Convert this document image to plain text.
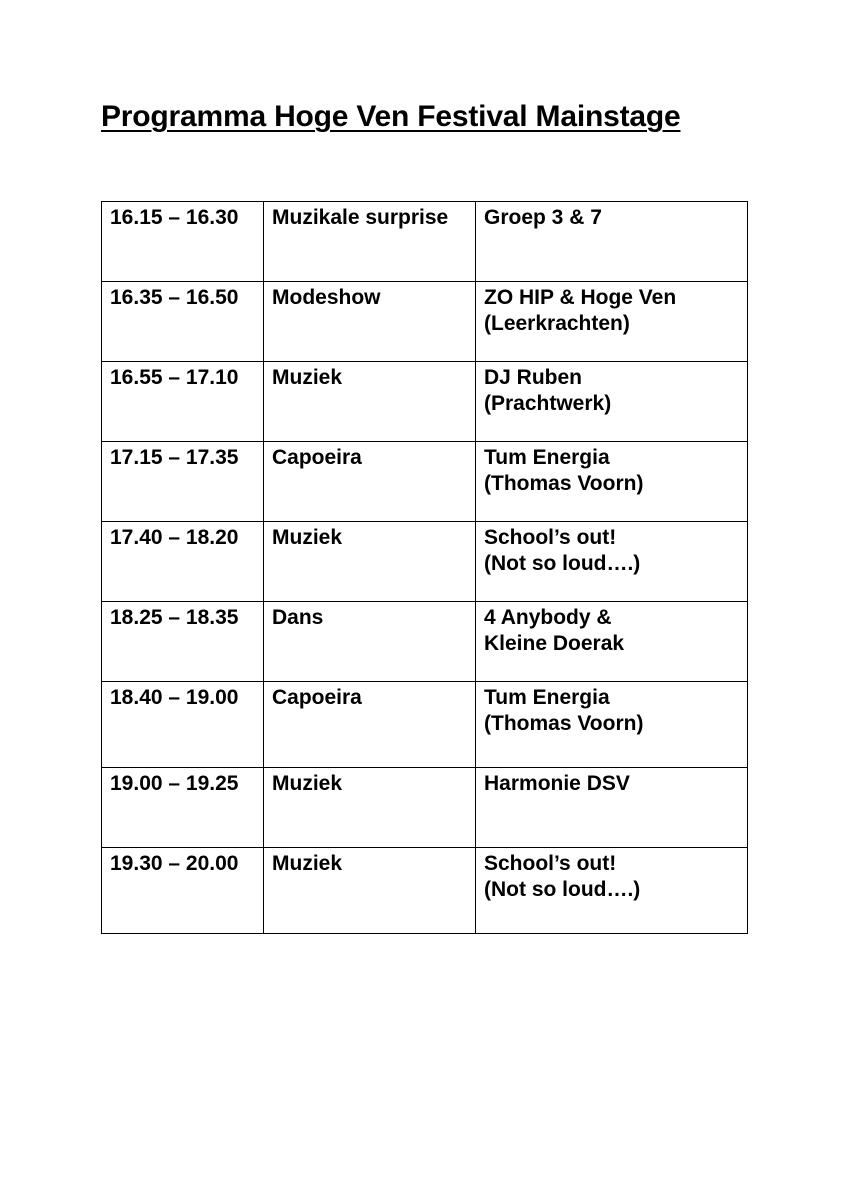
Programma Hoge Ven Festival Mainstage
16.15 – 16.30	Muzikale surprise	Groep 3 & 7

16.35 – 16.50	Modeshow	ZO HIP & Hoge Ven
(Leerkrachten)

16.55 – 17.10	Muziek	DJ Ruben
(Prachtwerk)

17.15 – 17.35	Capoeira	Tum Energia
(Thomas Voorn)

17.40 – 18.20	Muziek	School’s out!
(Not so loud….)

18.25 – 18.35	Dans	4 Anybody &
Kleine Doerak

18.40 – 19.00	Capoeira	Tum Energia
(Thomas Voorn)

19.00 – 19.25	Muziek	Harmonie DSV

19.30 – 20.00	Muziek	School’s out!
(Not so loud….)
